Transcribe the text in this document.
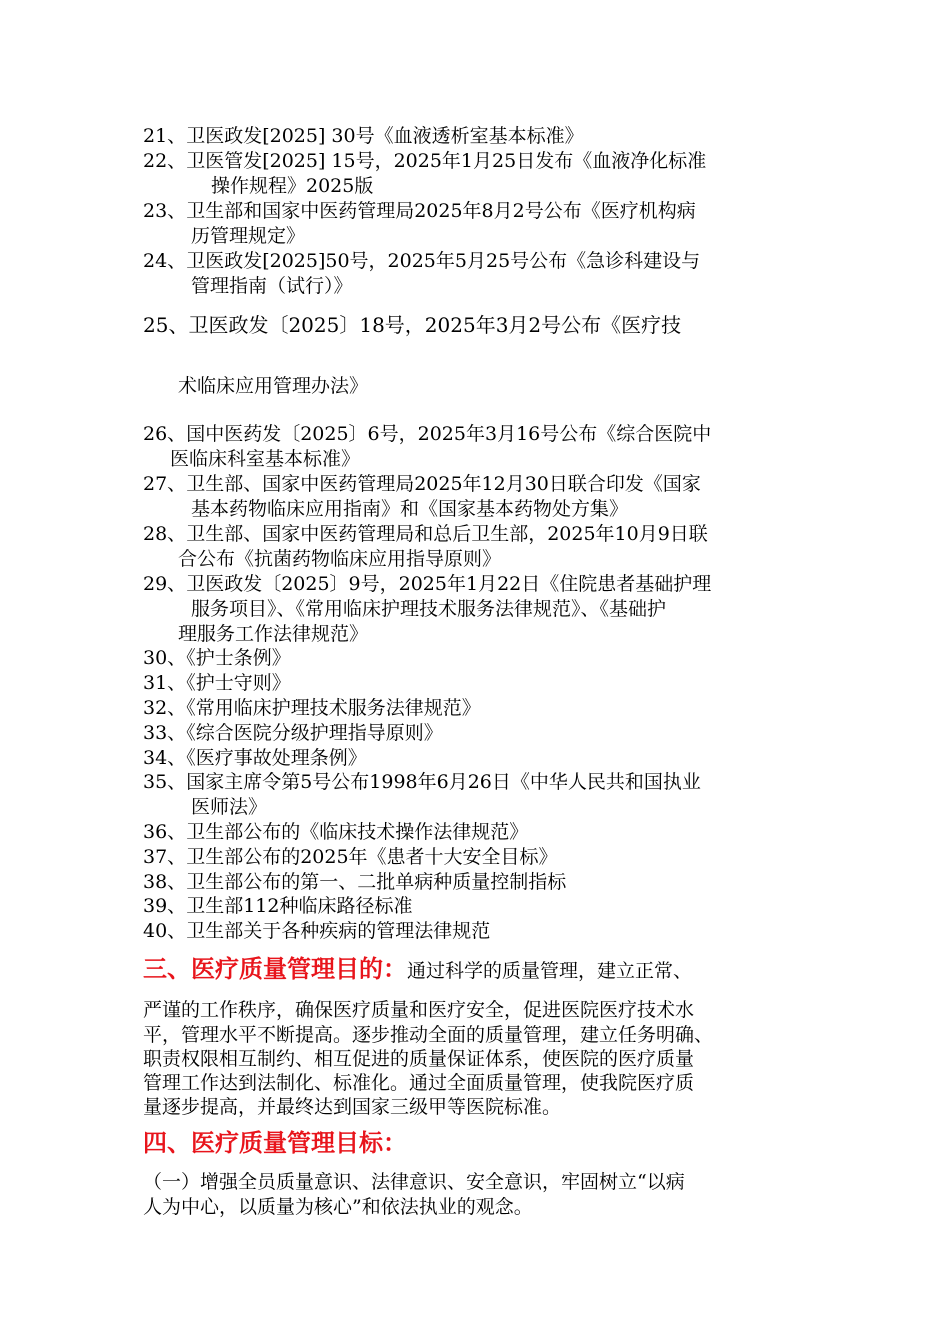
21、卫医政发[2025] 30号《血液透析室基本标准》
22、卫医管发[2025] 15号，2025年1月25日发布《血液净化标准
操作规程》2025版
23、卫生部和国家中医药管理局2025年8月2号公布《医疗机构病
历管理规定》
24、卫医政发[2025]50号，2025年5月25号公布《急诊科建设与
管理指南（试行）》
25、卫医政发〔2025〕18号，2025年3月2号公布《医疗技
术临床应用管理办法》
26、国中医药发〔2025〕6号，2025年3月16号公布《综合医院中
医临床科室基本标准》
27、卫生部、国家中医药管理局2025年12月30日联合印发《国家
基本药物临床应用指南》和《国家基本药物处方集》
28、卫生部、国家中医药管理局和总后卫生部，2025年10月9日联
合公布《抗菌药物临床应用指导原则》
29、卫医政发〔2025〕9号，2025年1月22日《住院患者基础护理
服务项目》、《常用临床护理技术服务法律规范》、《基础护
理服务工作法律规范》
30、《护士条例》
31、《护士守则》
32、《常用临床护理技术服务法律规范》
33、《综合医院分级护理指导原则》
34、《医疗事故处理条例》
35、国家主席令第5号公布1998年6月26日《中华人民共和国执业
医师法》
36、卫生部公布的《临床技术操作法律规范》
37、卫生部公布的2025年《患者十大安全目标》
38、卫生部公布的第一、二批单病种质量控制指标
39、卫生部112种临床路径标准
40、卫生部关于各种疾病的管理法律规范
三、医疗质量管理目的：通过科学的质量管理，建立正常、
严谨的工作秩序，确保医疗质量和医疗安全，促进医院医疗技术水
平，管理水平不断提高。逐步推动全面的质量管理，建立任务明确、
职责权限相互制约、相互促进的质量保证体系，使医院的医疗质量
管理工作达到法制化、标准化。通过全面质量管理，使我院医疗质
量逐步提高，并最终达到国家三级甲等医院标准。
四、医疗质量管理目标：
（一）增强全员质量意识、法律意识、安全意识，牢固树立“以病
人为中心，以质量为核心”和依法执业的观念。
